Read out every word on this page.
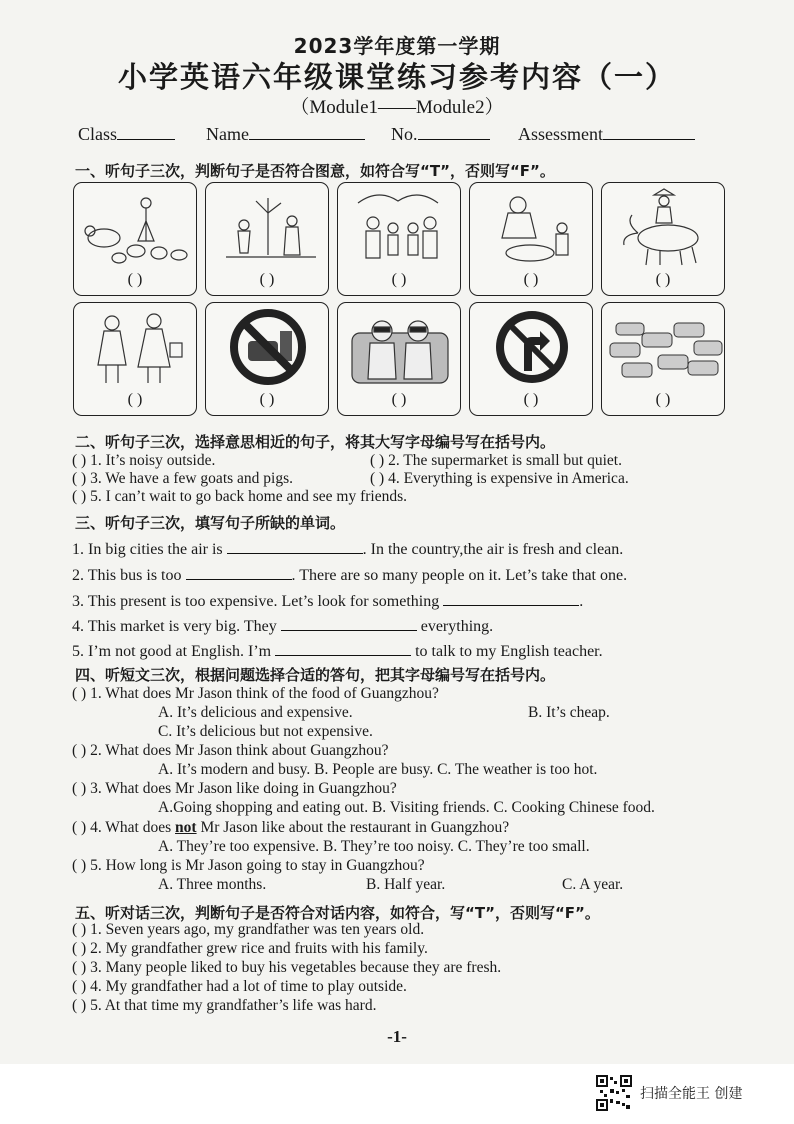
2023学年度第一学期
小学英语六年级课堂练习参考内容（一）
（Module1——Module2）
Class	Name	No.	Assessment
一、听句子三次，判断句子是否符合图意，如符合写“T”，否则写“F”。
( )	( )	( )	( )	( )
( )	( )	( )	( )	( )
二、听句子三次，选择意思相近的句子，将其大写字母编号写在括号内。
( ) 1. It’s noisy outside.	( ) 2. The supermarket is small but quiet.
( ) 3. We have a few goats and pigs.	( ) 4. Everything is expensive in America.
( ) 5. I can’t wait to go back home and see my friends.
三、听句子三次，填写句子所缺的单词。
1. In big cities the air is	. In the country,the air is fresh and clean.
2. This bus is too	. There are so many people on it. Let’s take that one.
3. This present is too expensive. Let’s look for something	.
4. This market is very big. They	everything.
5. I’m not good at English. I’m	to talk to my English teacher.
四、听短文三次，根据问题选择合适的答句，把其字母编号写在括号内。
( ) 1. What does Mr Jason think of the food of Guangzhou?
A. It’s delicious and expensive.	B. It’s cheap.
C. It’s delicious but not expensive.
( ) 2. What does Mr Jason think about Guangzhou?
A. It’s modern and busy. B. People are busy. C. The weather is too hot.
( ) 3. What does Mr Jason like doing in Guangzhou?
A.Going shopping and eating out. B. Visiting friends. C. Cooking Chinese food.
( ) 4. What does not Mr Jason like about the restaurant in Guangzhou?
A. They’re too expensive. B. They’re too noisy. C. They’re too small.
( ) 5. How long is Mr Jason going to stay in Guangzhou?
A. Three months.	B. Half year.	C. A year.
五、听对话三次，判断句子是否符合对话内容，如符合，写“T”，否则写“F”。
( ) 1. Seven years ago, my grandfather was ten years old.
( ) 2. My grandfather grew rice and fruits with his family.
( ) 3. Many people liked to buy his vegetables because they are fresh.
( ) 4. My grandfather had a lot of time to play outside.
( ) 5. At that time my grandfather’s life was hard.
-1-
扫描全能王 创建
